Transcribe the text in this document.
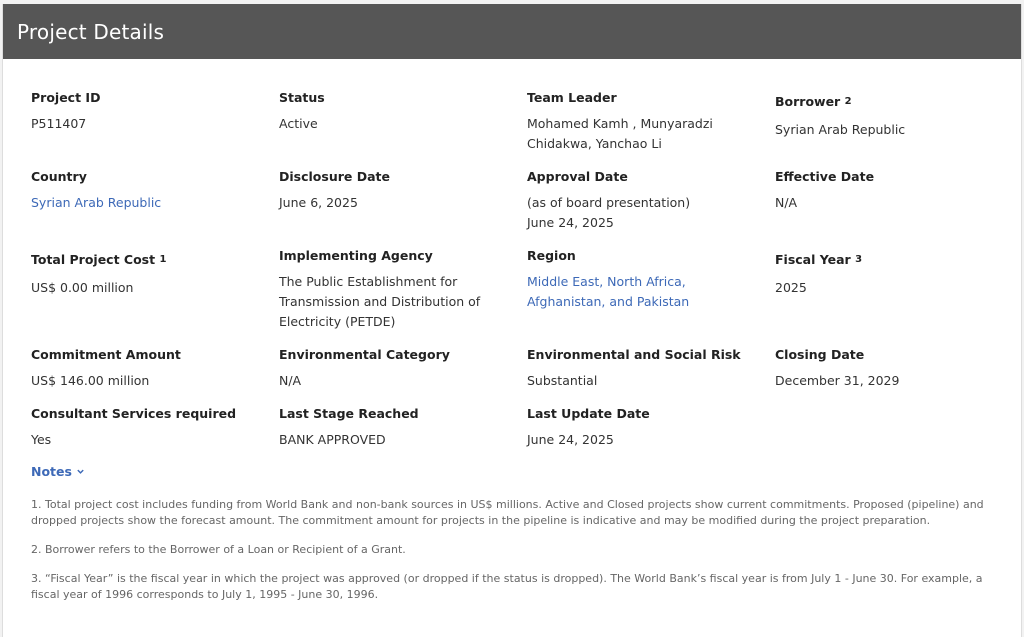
Project Details
Project ID
P511407
Status
Active
Team Leader
Mohamed Kamh , Munyaradzi Chidakwa, Yanchao Li
Borrower $^2$
Syrian Arab Republic
Country
Syrian Arab Republic
Disclosure Date
June 6, 2025
Approval Date
(as of board presentation)
June 24, 2025
Effective Date
N/A
Total Project Cost $^1$
US$ 0.00 million
Implementing Agency
The Public Establishment for Transmission and Distribution of Electricity (PETDE)
Region
Middle East, North Africa, Afghanistan, and Pakistan
Fiscal Year $^3$
2025
Commitment Amount
US$ 146.00 million
Environmental Category
N/A
Environmental and Social Risk
Substantial
Closing Date
December 31, 2029
Consultant Services required
Yes
Last Stage Reached
BANK APPROVED
Last Update Date
June 24, 2025
Notes
1. Total project cost includes funding from World Bank and non-bank sources in US$ millions. Active and Closed projects show current commitments. Proposed (pipeline) and dropped projects show the forecast amount. The commitment amount for projects in the pipeline is indicative and may be modified during the project preparation.
2. Borrower refers to the Borrower of a Loan or Recipient of a Grant.
3. “Fiscal Year” is the fiscal year in which the project was approved (or dropped if the status is dropped). The World Bank’s fiscal year is from July 1 - June 30. For example, a fiscal year of 1996 corresponds to July 1, 1995 - June 30, 1996.
